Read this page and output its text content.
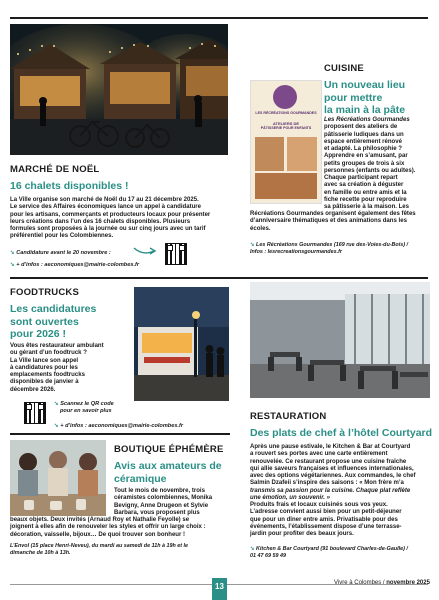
MARCHÉ DE NOËL
16 chalets disponibles !
La Ville organise son marché de Noël du 17 au 21 décembre 2025.
Le service des Affaires économiques lance un appel à candidature
pour les artisans, commerçants et producteurs locaux pour présenter
leurs créations dans l’un des 16 chalets disponibles. Plusieurs
formules sont proposées à la journée ou sur cinq jours avec un tarif
préférentiel pour les Colombiennes.
➘ Candidature avant le 20 novembre :
➘ + d’infos : aeconomiques@mairie-colombes.fr
CUISINE
Un nouveau lieu
pour mettre
la main à la pâte
LES RÉCRÉATIONS GOURMANDES
ATELIERS DE
PÂTISSERIE POUR ENFANTS
Les Récréations Gourmandes
proposent des ateliers de
pâtisserie ludiques dans un
espace entièrement rénové
et adapté. La philosophie ?
Apprendre en s’amusant, par
petits groupes de trois à six
personnes (enfants ou adultes).
Chaque participant repart
avec sa création à déguster
en famille ou entre amis et la
fiche recette pour reproduire
sa pâtisserie à la maison. Les
Récréations Gourmandes organisent également des fêtes
d’anniversaire thématiques et des animations dans les
écoles.
➘ Les Récréations Gourmandes (169 rue des-Voies-du-Bois) /
Infos : lesrecreationsgourmandes.fr
FOODTRUCKS
Les candidatures
sont ouvertes
pour 2026 !
Vous êtes restaurateur ambulant
ou gérant d’un foodtruck ?
La Ville lance son appel
à candidatures pour les
emplacements foodtrucks
disponibles de janvier à
décembre 2026.
➘ Scannez le QR code
pour en savoir plus
➘ + d’infos : aeconomiques@mairie-colombes.fr
RESTAURATION
Des plats de chef à l’hôtel Courtyard
Après une pause estivale, le Kitchen & Bar at Courtyard
a rouvert ses portes avec une carte entièrement
renouvelée. Ce restaurant propose une cuisine fraîche
qui allie saveurs françaises et influences internationales,
avec des options végétariennes. Aux commandes, le chef
Salmin Dzafeii s’inspire des saisons : « Mon frère m’a
transmis sa passion pour la cuisine. Chaque plat reflète
une émotion, un souvenir. »
Produits frais et locaux cuisinés sous vos yeux.
L’adresse convient aussi bien pour un petit-déjeuner
que pour un dîner entre amis. Privatisable pour des
événements, l’établissement dispose d’une terrasse-
jardin pour profiter des beaux jours.
➘ Kitchen & Bar Courtyard (91 boulevard Charles-de-Gaulle) /
01 47 69 59 49
BOUTIQUE ÉPHÉMÈRE
Avis aux amateurs de
céramique
Tout le mois de novembre, trois
céramistes colombiennes, Monika
Bevigny, Anne Drugeon et Sylvie
Barbara, vous proposent plus
beaux objets. Deux invités (Arnaud Roy et Nathalie Feyolle) se
joignent à elles afin de renouveler les styles et offrir un large choix :
décoration, vaisselle, bijoux… De quoi trouver son bonheur !
L’Envol (15 place Henri-Neveu), du mardi au samedi de 11h à 19h et le
dimanche de 10h à 13h.
13	Vivre à Colombes / novembre 2025
